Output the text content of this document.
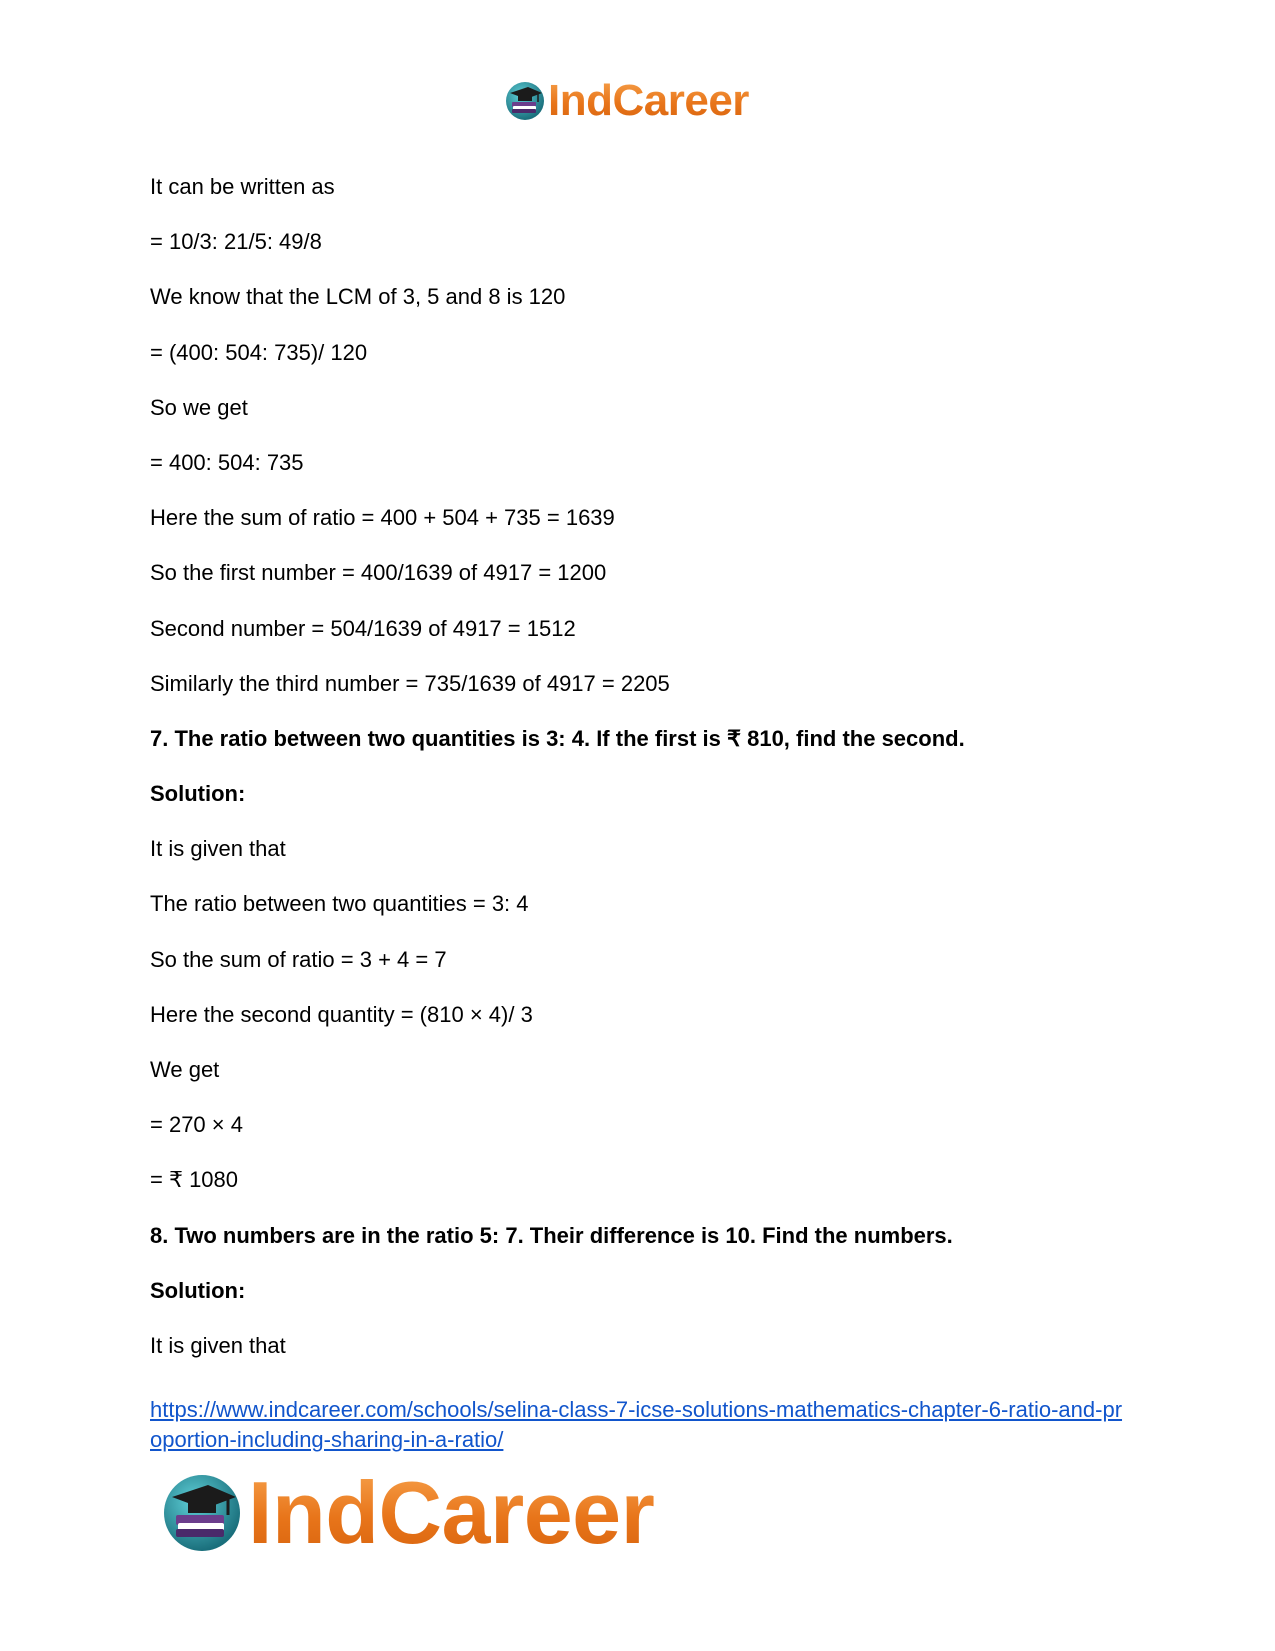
IndCareer
It can be written as
= 10/3: 21/5: 49/8
We know that the LCM of 3, 5 and 8 is 120
= (400: 504: 735)/ 120
So we get
= 400: 504: 735
Here the sum of ratio = 400 + 504 + 735 = 1639
So the first number = 400/1639 of 4917 = 1200
Second number = 504/1639 of 4917 = 1512
Similarly the third number = 735/1639 of 4917 = 2205
7. The ratio between two quantities is 3: 4. If the first is ₹ 810, find the second.
Solution:
It is given that
The ratio between two quantities = 3: 4
So the sum of ratio = 3 + 4 = 7
Here the second quantity = (810 × 4)/ 3
We get
= 270 × 4
= ₹ 1080
8. Two numbers are in the ratio 5: 7. Their difference is 10. Find the numbers.
Solution:
It is given that
https://www.indcareer.com/schools/selina-class-7-icse-solutions-mathematics-chapter-6-ratio-and-proportion-including-sharing-in-a-ratio/
IndCareer
